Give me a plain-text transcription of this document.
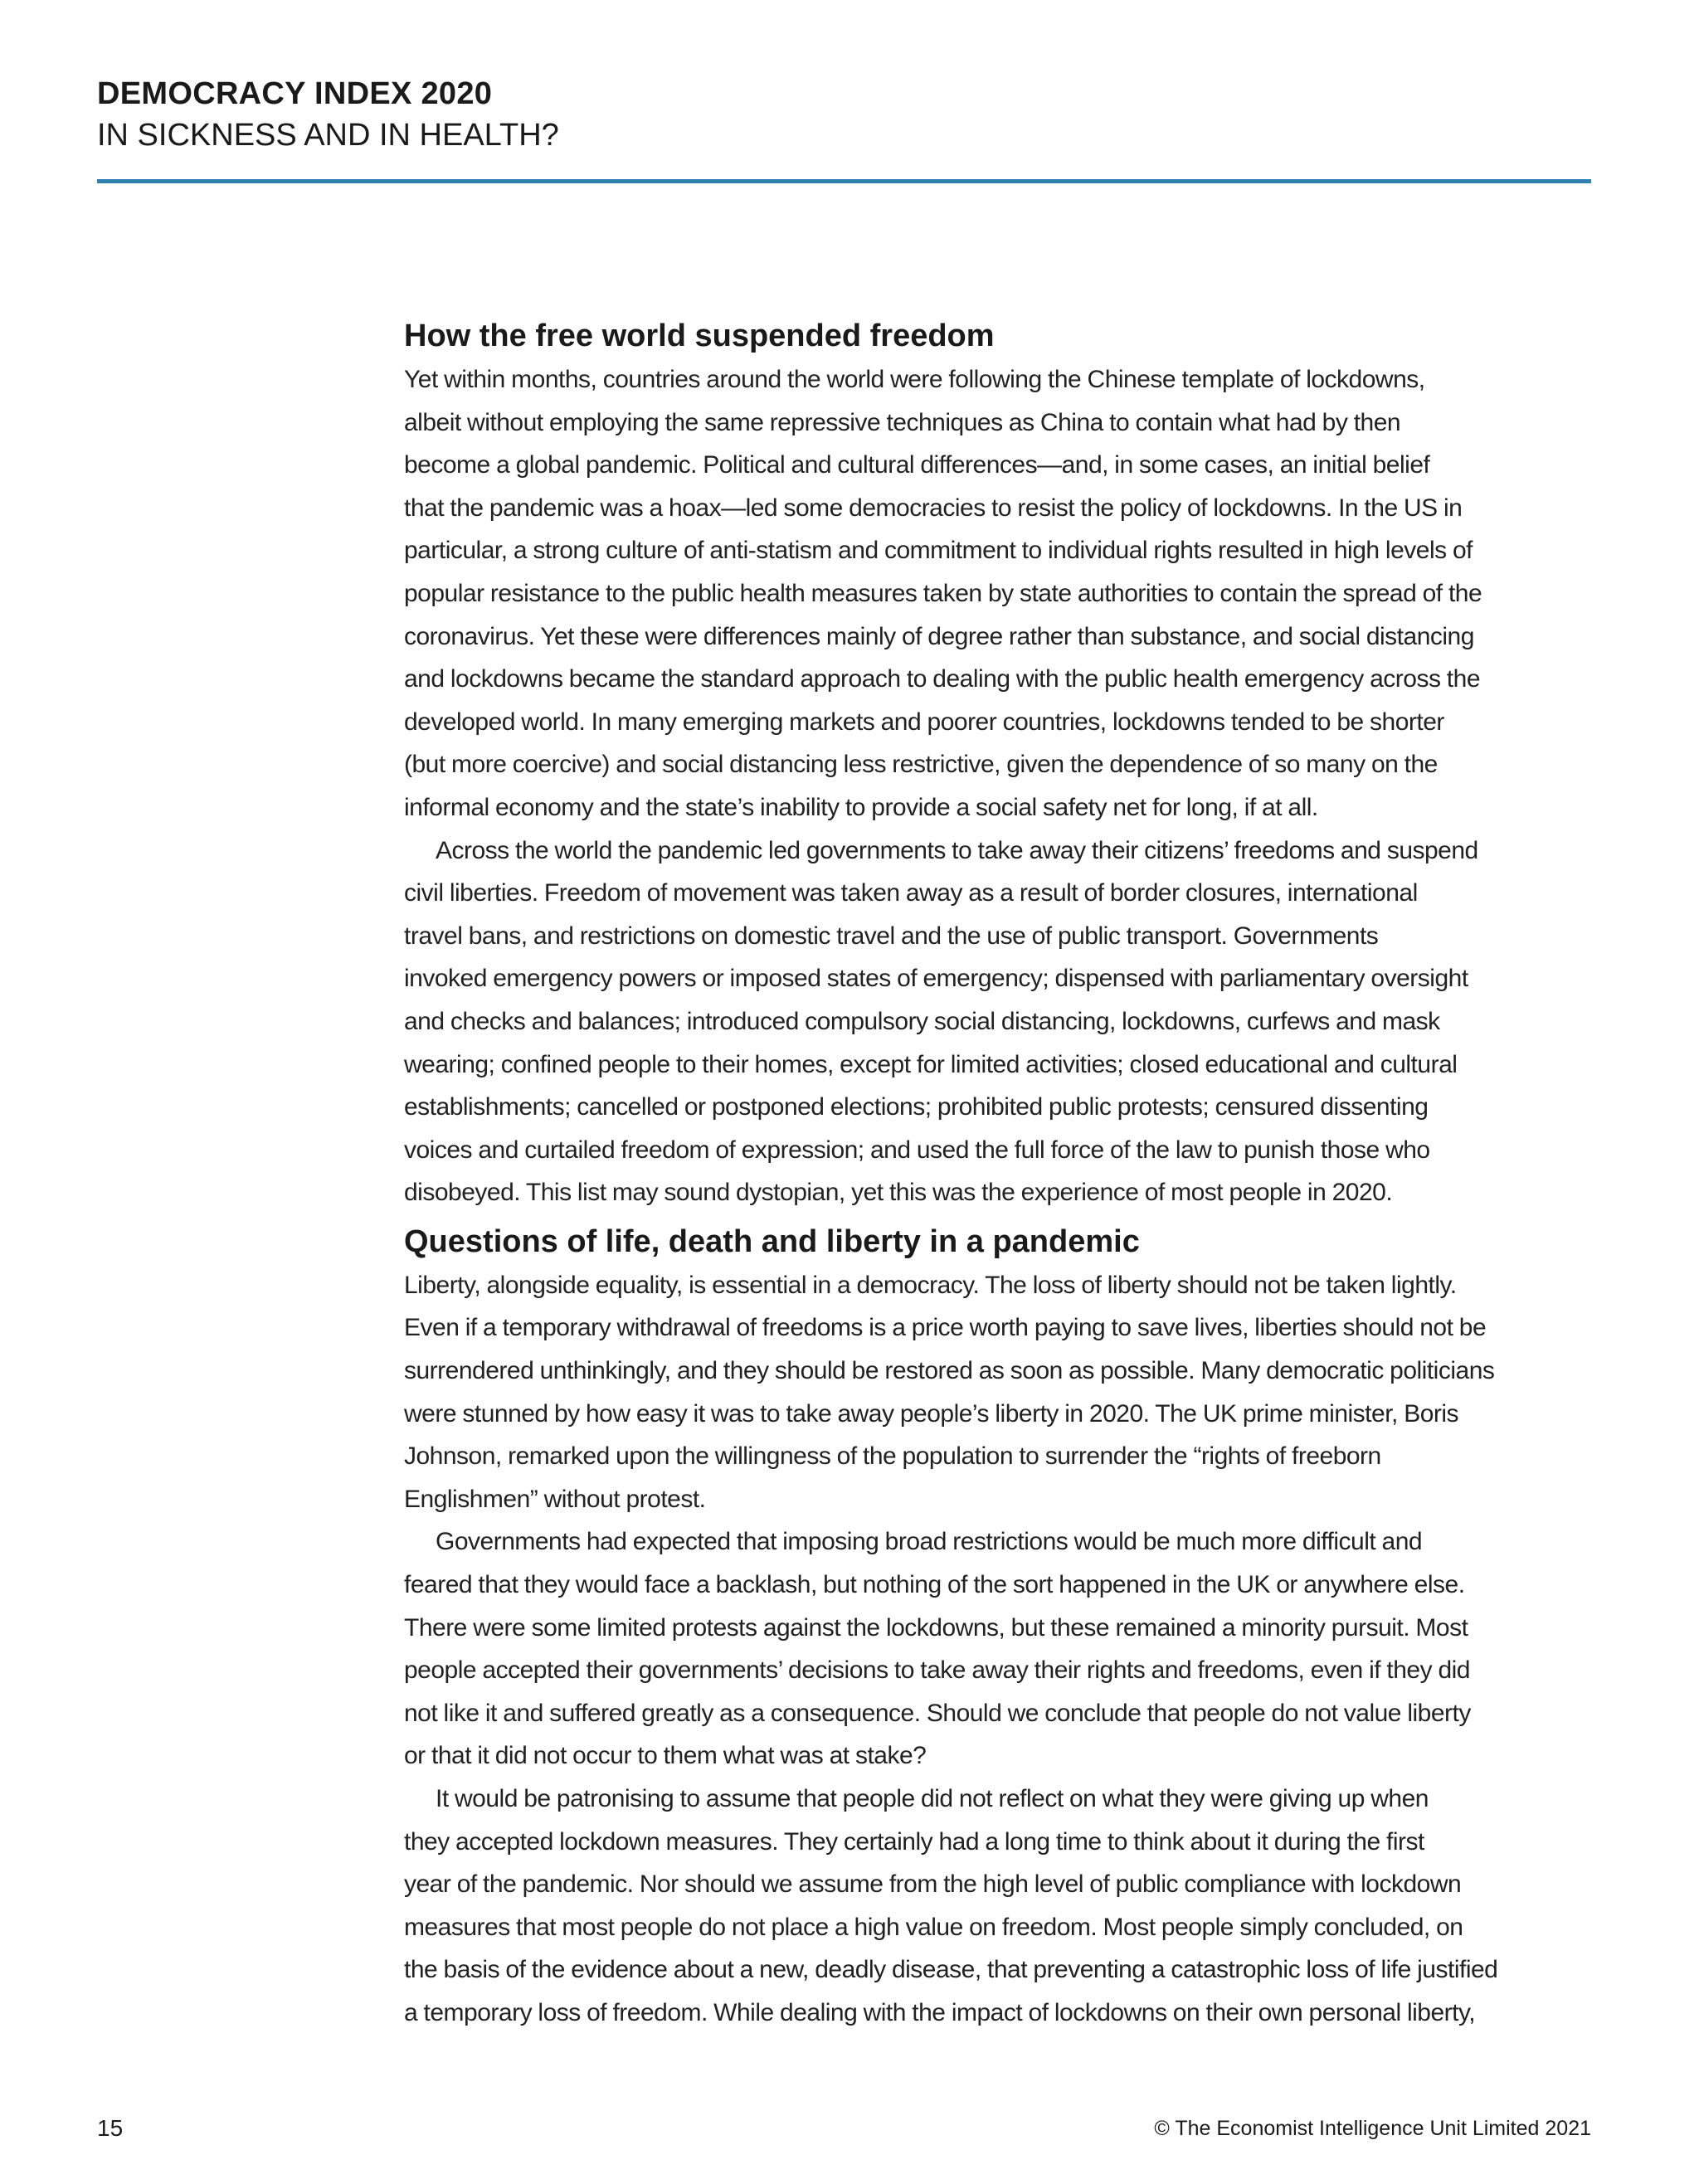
DEMOCRACY INDEX 2020
IN SICKNESS AND IN HEALTH?
How the free world suspended freedom

Yet within months, countries around the world were following the Chinese template of lockdowns,
albeit without employing the same repressive techniques as China to contain what had by then
become a global pandemic. Political and cultural differences—and, in some cases, an initial belief
that the pandemic was a hoax—led some democracies to resist the policy of lockdowns. In the US in
particular, a strong culture of anti-statism and commitment to individual rights resulted in high levels of
popular resistance to the public health measures taken by state authorities to contain the spread of the
coronavirus. Yet these were differences mainly of degree rather than substance, and social distancing
and lockdowns became the standard approach to dealing with the public health emergency across the
developed world. In many emerging markets and poorer countries, lockdowns tended to be shorter
(but more coercive) and social distancing less restrictive, given the dependence of so many on the
informal economy and the state’s inability to provide a social safety net for long, if at all.

Across the world the pandemic led governments to take away their citizens’ freedoms and suspend
civil liberties. Freedom of movement was taken away as a result of border closures, international
travel bans, and restrictions on domestic travel and the use of public transport. Governments
invoked emergency powers or imposed states of emergency; dispensed with parliamentary oversight
and checks and balances; introduced compulsory social distancing, lockdowns, curfews and mask
wearing; confined people to their homes, except for limited activities; closed educational and cultural
establishments; cancelled or postponed elections; prohibited public protests; censured dissenting
voices and curtailed freedom of expression; and used the full force of the law to punish those who
disobeyed. This list may sound dystopian, yet this was the experience of most people in 2020.

Questions of life, death and liberty in a pandemic

Liberty, alongside equality, is essential in a democracy. The loss of liberty should not be taken lightly.
Even if a temporary withdrawal of freedoms is a price worth paying to save lives, liberties should not be
surrendered unthinkingly, and they should be restored as soon as possible. Many democratic politicians
were stunned by how easy it was to take away people’s liberty in 2020. The UK prime minister, Boris
Johnson, remarked upon the willingness of the population to surrender the “rights of freeborn
Englishmen” without protest.

Governments had expected that imposing broad restrictions would be much more difficult and
feared that they would face a backlash, but nothing of the sort happened in the UK or anywhere else.
There were some limited protests against the lockdowns, but these remained a minority pursuit. Most
people accepted their governments’ decisions to take away their rights and freedoms, even if they did
not like it and suffered greatly as a consequence. Should we conclude that people do not value liberty
or that it did not occur to them what was at stake?

It would be patronising to assume that people did not reflect on what they were giving up when
they accepted lockdown measures. They certainly had a long time to think about it during the first
year of the pandemic. Nor should we assume from the high level of public compliance with lockdown
measures that most people do not place a high value on freedom. Most people simply concluded, on
the basis of the evidence about a new, deadly disease, that preventing a catastrophic loss of life justified
a temporary loss of freedom. While dealing with the impact of lockdowns on their own personal liberty,

15	© The Economist Intelligence Unit Limited 2021
